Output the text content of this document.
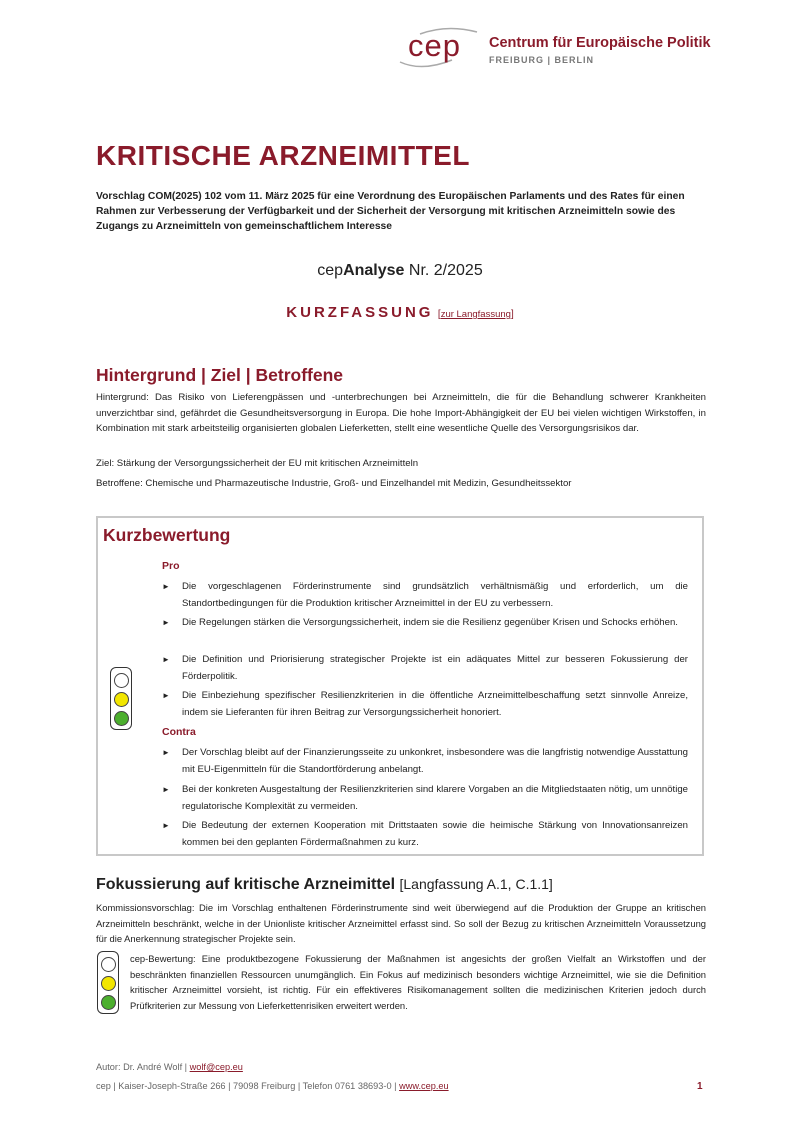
cep Centrum für Europäische Politik
FREIBURG | BERLIN
KRITISCHE ARZNEIMITTEL
Vorschlag COM(2025) 102 vom 11. März 2025 für eine Verordnung des Europäischen Parlaments und des Rates für einen Rahmen zur Verbesserung der Verfügbarkeit und der Sicherheit der Versorgung mit kritischen Arzneimitteln sowie des Zugangs zu Arzneimitteln von gemeinschaftlichem Interesse
cepAnalyse Nr. 2/2025
KURZFASSUNG [zur Langfassung]
Hintergrund | Ziel | Betroffene
Hintergrund: Das Risiko von Lieferengpässen und -unterbrechungen bei Arzneimitteln, die für die Behandlung schwerer Krankheiten unverzichtbar sind, gefährdet die Gesundheitsversorgung in Europa. Die hohe Import-Abhängigkeit der EU bei vielen wichtigen Wirkstoffen, in Kombination mit stark arbeitsteilig organisierten globalen Lieferketten, stellt eine wesentliche Quelle des Versorgungsrisikos dar.
Ziel: Stärkung der Versorgungssicherheit der EU mit kritischen Arzneimitteln
Betroffene: Chemische und Pharmazeutische Industrie, Groß- und Einzelhandel mit Medizin, Gesundheitssektor
Kurzbewertung
Pro
► Die vorgeschlagenen Förderinstrumente sind grundsätzlich verhältnismäßig und erforderlich, um die Standortbedingungen für die Produktion kritischer Arzneimittel in der EU zu verbessern.
► Die Regelungen stärken die Versorgungssicherheit, indem sie die Resilienz gegenüber Krisen und Schocks erhöhen.
► Die Definition und Priorisierung strategischer Projekte ist ein adäquates Mittel zur besseren Fokussierung der Förderpolitik.
► Die Einbeziehung spezifischer Resilienzkriterien in die öffentliche Arzneimittelbeschaffung setzt sinnvolle Anreize, indem sie Lieferanten für ihren Beitrag zur Versorgungssicherheit honoriert.
Contra
► Der Vorschlag bleibt auf der Finanzierungsseite zu unkonkret, insbesondere was die langfristig notwendige Ausstattung mit EU-Eigenmitteln für die Standortförderung anbelangt.
► Bei der konkreten Ausgestaltung der Resilienzkriterien sind klarere Vorgaben an die Mitgliedstaaten nötig, um unnötige regulatorische Komplexität zu vermeiden.
► Die Bedeutung der externen Kooperation mit Drittstaaten sowie die heimische Stärkung von Innovationsanreizen kommen bei den geplanten Fördermaßnahmen zu kurz.
Fokussierung auf kritische Arzneimittel [Langfassung A.1, C.1.1]
Kommissionsvorschlag: Die im Vorschlag enthaltenen Förderinstrumente sind weit überwiegend auf die Produktion der Gruppe an kritischen Arzneimitteln beschränkt, welche in der Unionliste kritischer Arzneimittel erfasst sind. So soll der Bezug zu kritischen Arzneimitteln Voraussetzung für die Anerkennung strategischer Projekte sein.
cep-Bewertung: Eine produktbezogene Fokussierung der Maßnahmen ist angesichts der großen Vielfalt an Wirkstoffen und der beschränkten finanziellen Ressourcen unumgänglich. Ein Fokus auf medizinisch besonders wichtige Arzneimittel, wie sie die Definition kritischer Arzneimittel vorsieht, ist richtig. Für ein effektiveres Risikomanagement sollten die medizinischen Kriterien jedoch durch Prüfkriterien zur Messung von Lieferkettenrisiken erweitert werden.
Autor: Dr. André Wolf | wolf@cep.eu
cep | Kaiser-Joseph-Straße 266 | 79098 Freiburg | Telefon 0761 38693-0 | www.cep.eu	1
